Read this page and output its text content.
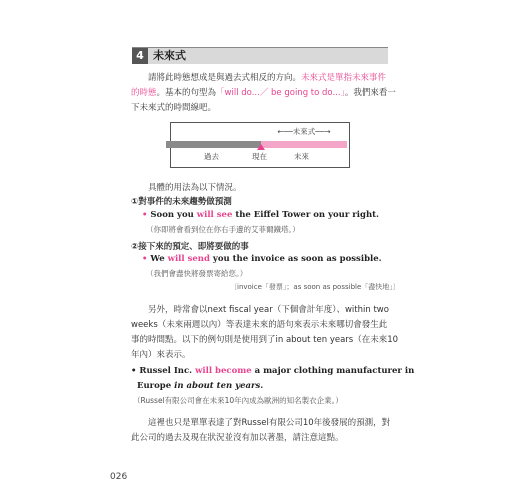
4 未來式
請將此時態想成是與過去式相反的方向。未來式是單指未來事件
的時態。基本的句型為「will do...／ be going to do...」。我們來看一
下未來式的時間線吧。
←──未來式──→
過去	現在	未來
具體的用法為以下情況。
①對事件的未來趨勢做預測
• Soon you will see the Eiffel Tower on your right.
（你即將會看到位在你右手邊的艾菲爾鐵塔。）
②接下來的預定、即將要做的事
• We will send you the invoice as soon as possible.
（我們會盡快將發票寄給您。）
〔invoice「發票」；as soon as possible「盡快地」〕
另外，時常會以next fiscal year（下個會計年度）、within two
weeks（未來兩週以內）等表達未來的語句來表示未來哪切會發生此
事的時間點。以下的例句則是使用到了in about ten years（在未來10
年內）來表示。
• Russel Inc. will become a major clothing manufacturer in
Europe in about ten years.
（Russel有限公司會在未來10年內成為歐洲的知名製衣企業。）
這裡也只是單單表達了對Russel有限公司10年後發展的預測，對
此公司的過去及現在狀況並沒有加以著墨，請注意這點。
026
